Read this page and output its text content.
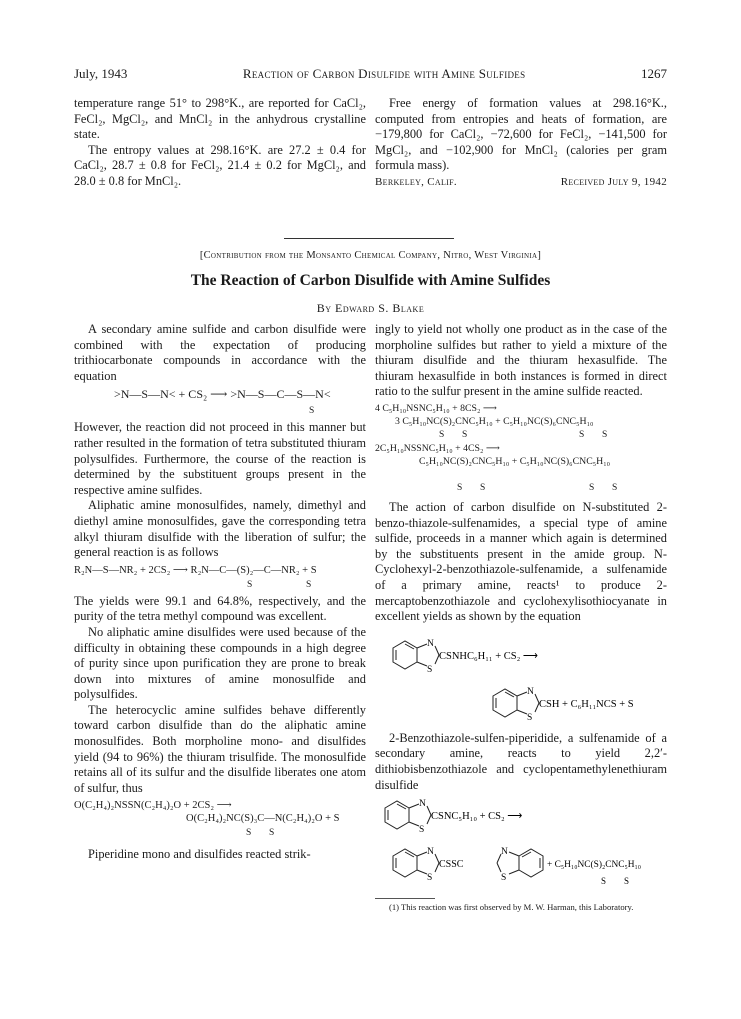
July, 1943	Reaction of Carbon Disulfide with Amine Sulfides	1267

temperature range 51° to 298°K., are reported for CaCl₂, FeCl₂, MgCl₂, and MnCl₂ in the anhydrous crystalline state.

The entropy values at 298.16°K. are 27.2 ± 0.4 for CaCl₂, 28.7 ± 0.8 for FeCl₂, 21.4 ± 0.2 for MgCl₂, and 28.0 ± 0.8 for MnCl₂.

Free energy of formation values at 298.16°K., computed from entropies and heats of formation, are −179,800 for CaCl₂, −72,600 for FeCl₂, −141,500 for MgCl₂, and −102,900 for MnCl₂ (calories per gram formula mass).

Berkeley, Calif.	Received July 9, 1942
[Contribution from the Monsanto Chemical Company, Nitro, West Virginia]
The Reaction of Carbon Disulfide with Amine Sulfides
By Edward S. Blake

A secondary amine sulfide and carbon disulfide were combined with the expectation of producing trithiocarbonate compounds in accordance with the equation

>N—S—N< + CS₂ ⟶ >N—S—C—S—N<
S

However, the reaction did not proceed in this manner but rather resulted in the formation of tetra substituted thiuram polysulfides. Furthermore, the course of the reaction is determined by the substituent groups present in the respective amine sulfides.

Aliphatic amine monosulfides, namely, dimethyl and diethyl amine monosulfides, gave the corresponding tetra alkyl thiuram disulfide with the liberation of sulfur; the general reaction is as follows

R₂N—S—NR₂ + 2CS₂ ⟶ R₂N—C—(S)₂—C—NR₂ + S
S	S

The yields were 99.1 and 64.8%, respectively, and the purity of the tetra methyl compound was excellent.

No aliphatic amine disulfides were used because of the difficulty in obtaining these compounds in a high degree of purity since upon purification they are prone to break down into mixtures of amine monosulfide and polysulfides.

The heterocyclic amine sulfides behave differently toward carbon disulfide than do the aliphatic amine monosulfides. Both morpholine mono- and disulfides yield (94 to 96%) the thiuram trisulfide. The monosulfide retains all of its sulfur and the disulfide liberates one atom of sulfur, thus

O(C₂H₄)₂NSSN(C₂H₄)₂O + 2CS₂ ⟶
O(C₂H₄)₂NC(S)₃C—N(C₂H₄)₂O + S
S S

Piperidine mono and disulfides reacted strik-

ingly to yield not wholly one product as in the case of the morpholine sulfides but rather to yield a mixture of the thiuram disulfide and the thiuram hexasulfide. The thiuram hexasulfide in both instances is formed in direct ratio to the sulfur present in the amine sulfide reacted.

4 C₅H₁₀NSNC₅H₁₀ + 8CS₂ ⟶
3 C₅H₁₀NC(S)₂CNC₅H₁₀ + C₅H₁₀NC(S)₆CNC₅H₁₀
S S	S S
2C₅H₁₀NSSNC₅H₁₀ + 4CS₂ ⟶
C₅H₁₀NC(S)₂CNC₅H₁₀ + C₅H₁₀NC(S)₆CNC₅H₁₀
S S	S S

The action of carbon disulfide on N-substituted 2-benzo-thiazole-sulfenamides, a special type of amine sulfide, proceeds in a manner which again is determined by the substituents present in the amide group. N-Cyclohexyl-2-benzothiazole-sulfenamide, a sulfenamide of a primary amine, reacts¹ to produce 2-mercaptobenzothiazole and cyclohexylisothiocyanate in excellent yields as shown by the equation

N
S
CSNHC₆H₁₁ + CS₂ ⟶
N
S
CSH + C₆H₁₁NCS + S

2-Benzothiazole-sulfen-piperidide, a sulfenamide of a secondary amine, reacts to yield 2,2′-dithiobisbenzothiazole and cyclopentamethylenethiuram disulfide

N
S
CSNC₅H₁₀ + CS₂ ⟶
N
S
CSSC
N
S
+ C₅H₁₀NC(S)₂CNC₅H₁₀
S S

(1) This reaction was first observed by M. W. Harman, this Laboratory.
